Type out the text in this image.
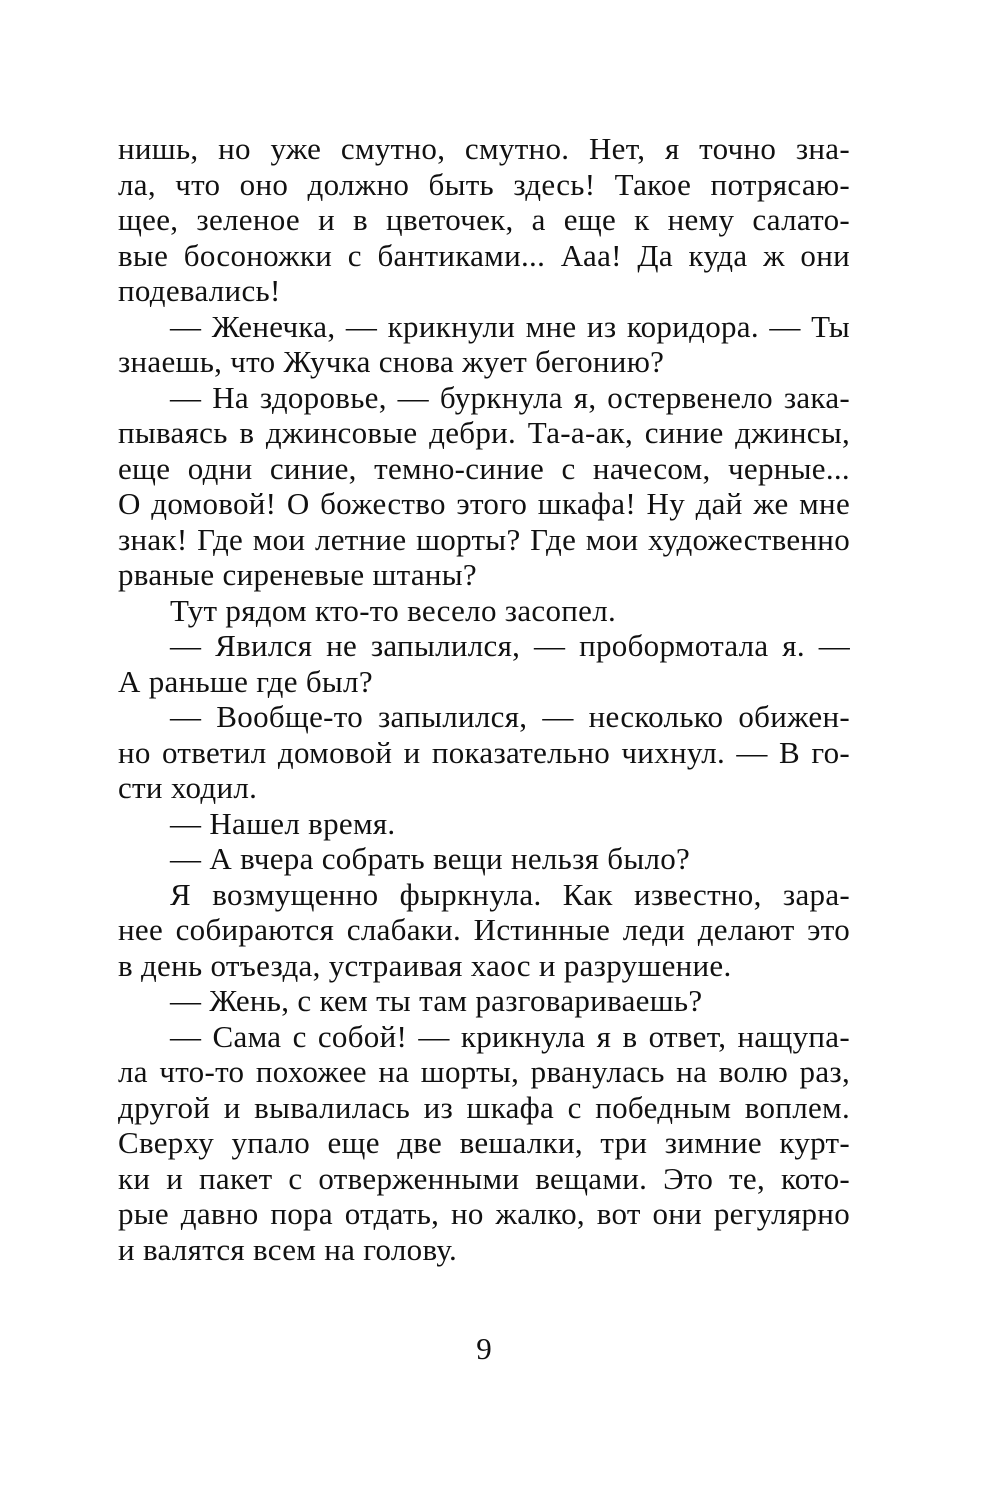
нишь, но уже смутно, смутно. Нет, я точно зна-
ла, что оно должно быть здесь! Такое потрясаю-
щее, зеленое и в цветочек, а еще к нему салато-
вые босоножки с бантиками... Ааа! Да куда ж они
подевались!
— Женечка, — крикнули мне из коридора. — Ты
знаешь, что Жучка снова жует бегонию?
— На здоровье, — буркнула я, остервенело зака-
пываясь в джинсовые дебри. Та-а-ак, синие джинсы,
еще одни синие, темно-синие с начесом, черные...
О домовой! О божество этого шкафа! Ну дай же мне
знак! Где мои летние шорты? Где мои художественно
рваные сиреневые штаны?
Тут рядом кто-то весело засопел.
— Явился не запылился, — пробормотала я. —
А раньше где был?
— Вообще-то запылился, — несколько обижен-
но ответил домовой и показательно чихнул. — В го-
сти ходил.
— Нашел время.
— А вчера собрать вещи нельзя было?
Я возмущенно фыркнула. Как известно, зара-
нее собираются слабаки. Истинные леди делают это
в день отъезда, устраивая хаос и разрушение.
— Жень, с кем ты там разговариваешь?
— Сама с собой! — крикнула я в ответ, нащупа-
ла что-то похожее на шорты, рванулась на волю раз,
другой и вывалилась из шкафа с победным воплем.
Сверху упало еще две вешалки, три зимние курт-
ки и пакет с отверженными вещами. Это те, кото-
рые давно пора отдать, но жалко, вот они регулярно
и валятся всем на голову.
9
